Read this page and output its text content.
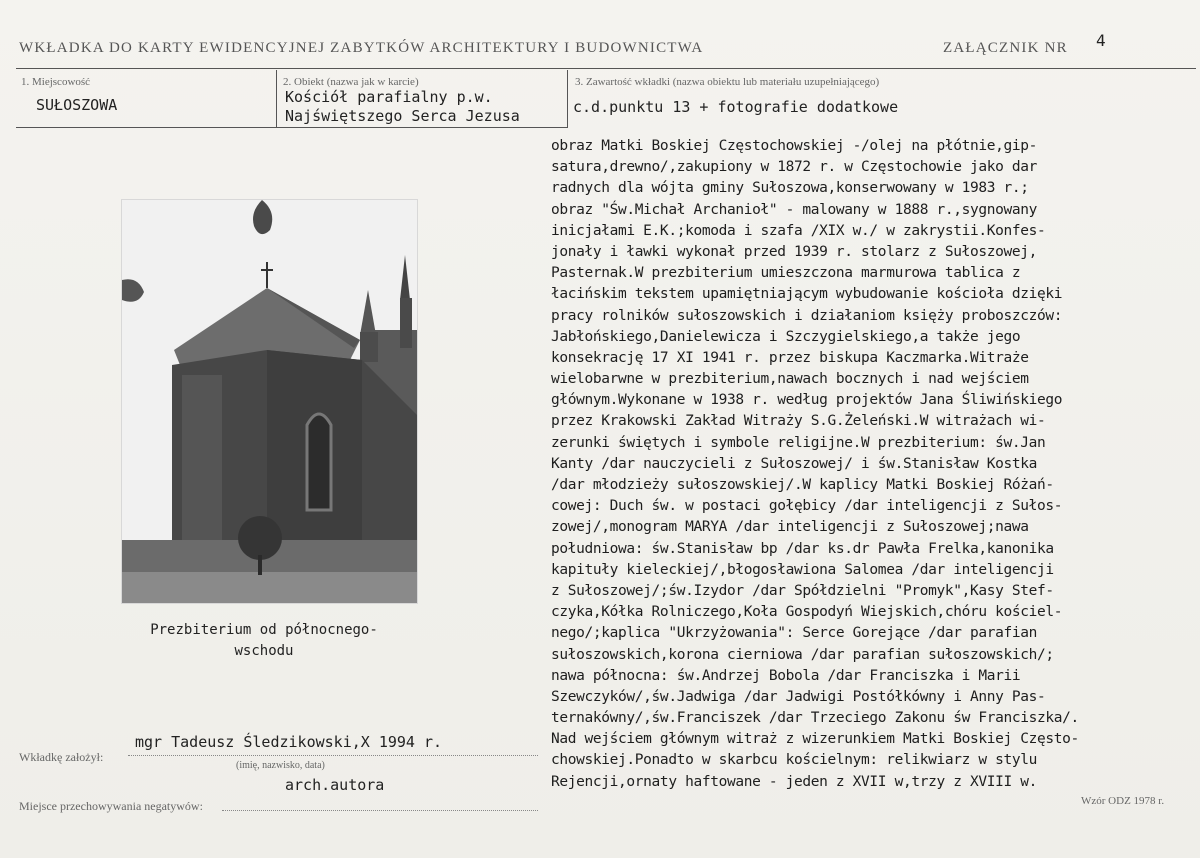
WKŁADKA DO KARTY EWIDENCYJNEJ ZABYTKÓW ARCHITEKTURY I BUDOWNICTWA	ZAŁĄCZNIK NR 4
1. Miejscowość
SUŁOSZOWA
2. Obiekt (nazwa jak w karcie)
Kościół parafialny p.w.
Najświętszego Serca Jezusa
3. Zawartość wkładki (nazwa obiektu lub materiału uzupełniającego)
c.d.punktu 13 + fotografie dodatkowe
Prezbiterium od północnego-
wschodu
obraz Matki Boskiej Częstochowskiej -/olej na płótnie,gip-
satura,drewno/,zakupiony w 1872 r. w Częstochowie jako dar
radnych dla wójta gminy Sułoszowa,konserwowany w 1983 r.;
obraz "Św.Michał Archanioł" - malowany w 1888 r.,sygnowany
inicjałami E.K.;komoda i szafa /XIX w./ w zakrystii.Konfes-
jonały i ławki wykonał przed 1939 r. stolarz z Sułoszowej,
Pasternak.W prezbiterium umieszczona marmurowa tablica z
łacińskim tekstem upamiętniającym wybudowanie kościoła dzięki
pracy rolników sułoszowskich i działaniom księży proboszczów:
Jabłońskiego,Danielewicza i Szczygielskiego,a także jego
konsekrację 17 XI 1941 r. przez biskupa Kaczmarka.Witraże
wielobarwne w prezbiterium,nawach bocznych i nad wejściem
głównym.Wykonane w 1938 r. według projektów Jana Śliwińskiego
przez Krakowski Zakład Witraży S.G.Żeleński.W witrażach wi-
zerunki świętych i symbole religijne.W prezbiterium: św.Jan
Kanty /dar nauczycieli z Sułoszowej/ i św.Stanisław Kostka
/dar młodzieży sułoszowskiej/.W kaplicy Matki Boskiej Różań-
cowej: Duch św. w postaci gołębicy /dar inteligencji z Sułos-
zowej/,monogram MARYA /dar inteligencji z Sułoszowej;nawa
południowa: św.Stanisław bp /dar ks.dr Pawła Frelka,kanonika
kapituły kieleckiej/,błogosławiona Salomea /dar inteligencji
z Sułoszowej/;św.Izydor /dar Spółdzielni "Promyk",Kasy Stef-
czyka,Kółka Rolniczego,Koła Gospodyń Wiejskich,chóru kościel-
nego/;kaplica "Ukrzyżowania": Serce Gorejące /dar parafian
sułoszowskich,korona cierniowa /dar parafian sułoszowskich/;
nawa północna: św.Andrzej Bobola /dar Franciszka i Marii
Szewczyków/,św.Jadwiga /dar Jadwigi Postółkówny i Anny Pas-
ternakówny/,św.Franciszek /dar Trzeciego Zakonu św Franciszka/.
Nad wejściem głównym witraż z wizerunkiem Matki Boskiej Często-
chowskiej.Ponadto w skarbcu kościelnym: relikwiarz w stylu
Rejencji,ornaty haftowane - jeden z XVII w,trzy z XVIII w.
Wkładkę założył:
mgr Tadeusz Śledzikowski,X 1994 r.
(imię, nazwisko, data)
Miejsce przechowywania negatywów:
arch.autora
Wzór ODZ 1978 r.
